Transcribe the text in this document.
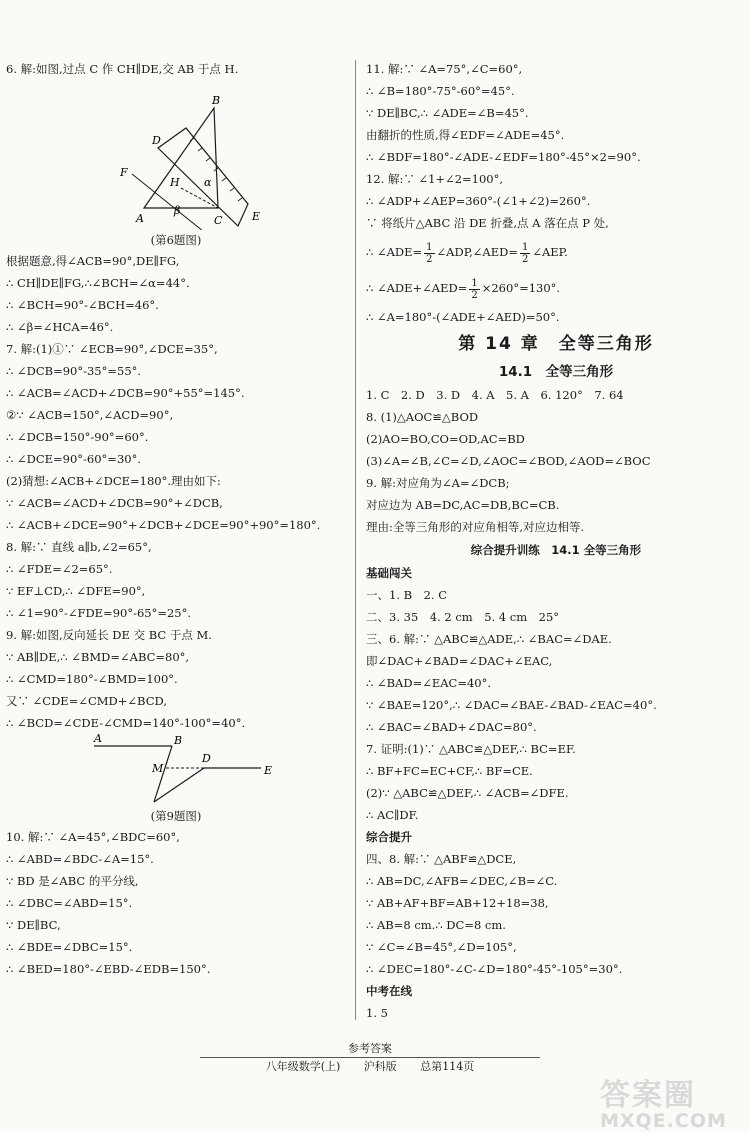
6. 解:如图,过点 C 作 CH∥DE,交 AB 于点 H.
B
D
F
H α
β
A	C	E
(第6题图)
根据题意,得∠ACB=90°,DE∥FG,
∴ CH∥DE∥FG,∴∠BCH=∠α=44°.
∴ ∠BCH=90°-∠BCH=46°.
∴ ∠β=∠HCA=46°.
7. 解:(1)①∵ ∠ECB=90°,∠DCE=35°,
∴ ∠DCB=90°-35°=55°.
∴ ∠ACB=∠ACD+∠DCB=90°+55°=145°.
②∵ ∠ACB=150°,∠ACD=90°,
∴ ∠DCB=150°-90°=60°.
∴ ∠DCE=90°-60°=30°.
(2)猜想:∠ACB+∠DCE=180°.理由如下:
∵ ∠ACB=∠ACD+∠DCB=90°+∠DCB,
∴ ∠ACB+∠DCE=90°+∠DCB+∠DCE=90°+90°=180°.
8. 解:∵ 直线 a∥b,∠2=65°,
∴ ∠FDE=∠2=65°.
∵ EF⊥CD,∴ ∠DFE=90°,
∴ ∠1=90°-∠FDE=90°-65°=25°.
9. 解:如图,反向延长 DE 交 BC 于点 M.
∵ AB∥DE,∴ ∠BMD=∠ABC=80°,
∴ ∠CMD=180°-∠BMD=100°.
又∵ ∠CDE=∠CMD+∠BCD,
∴ ∠BCD=∠CDE-∠CMD=140°-100°=40°.
A	B
M
D
E
(第9题图)
10. 解:∵ ∠A=45°,∠BDC=60°,
∴ ∠ABD=∠BDC-∠A=15°.
∵ BD 是∠ABC 的平分线,
∴ ∠DBC=∠ABD=15°.
∵ DE∥BC,
∴ ∠BDE=∠DBC=15°.
∴ ∠BED=180°-∠EBD-∠EDB=150°.
11. 解:∵ ∠A=75°,∠C=60°,
∴ ∠B=180°-75°-60°=45°.
∵ DE∥BC,∴ ∠ADE=∠B=45°.
由翻折的性质,得∠EDF=∠ADE=45°.
∴ ∠BDF=180°-∠ADE-∠EDF=180°-45°×2=90°.
12. 解:∵ ∠1+∠2=100°,
∴ ∠ADP+∠AEP=360°-(∠1+∠2)=260°.
∵ 将纸片△ABC 沿 DE 折叠,点 A 落在点 P 处,
∴ ∠ADE= $\frac{1}{2}$ ∠ADP,∠AED= $\frac{1}{2}$ ∠AEP.
∴ ∠ADE+∠AED= $\frac{1}{2} \times 260^\circ=130^\circ$.
∴ ∠A=180°-(∠ADE+∠AED)=50°.
第 14 章　全等三角形
14.1　全等三角形
1. C　2. D　3. D　4. A　5. A　6. 120°　7. 64
8. (1)△AOC≌△BOD
(2)AO=BO,CO=OD,AC=BD
(3)∠A=∠B,∠C=∠D,∠AOC=∠BOD,∠AOD=∠BOC
9. 解:对应角为∠A=∠DCB;
对应边为 AB=DC,AC=DB,BC=CB.
理由:全等三角形的对应角相等,对应边相等.
综合提升训练　14.1 全等三角形
基础闯关
一、1. B　2. C
二、3. 35　4. 2 cm　5. 4 cm　25°
三、6. 解:∵ △ABC≌△ADE,∴ ∠BAC=∠DAE.
即∠DAC+∠BAD=∠DAC+∠EAC,
∴ ∠BAD=∠EAC=40°.
∵ ∠BAE=120°,∴ ∠DAC=∠BAE-∠BAD-∠EAC=40°.
∴ ∠BAC=∠BAD+∠DAC=80°.
7. 证明:(1)∵ △ABC≌△DEF,∴ BC=EF.
∴ BF+FC=EC+CF,∴ BF=CE.
(2)∵ △ABC≌△DEF,∴ ∠ACB=∠DFE.
∴ AC∥DF.
综合提升
四、8. 解:∵ △ABF≌△DCE,
∴ AB=DC,∠AFB=∠DEC,∠B=∠C.
∵ AB+AF+BF=AB+12+18=38,
∴ AB=8 cm.∴ DC=8 cm.
∵ ∠C=∠B=45°,∠D=105°,
∴ ∠DEC=180°-∠C-∠D=180°-45°-105°=30°.
中考在线
1. 5
参考答案
八年级数学(上) 沪科版 总第114页
答案圈
MXQE.COM
